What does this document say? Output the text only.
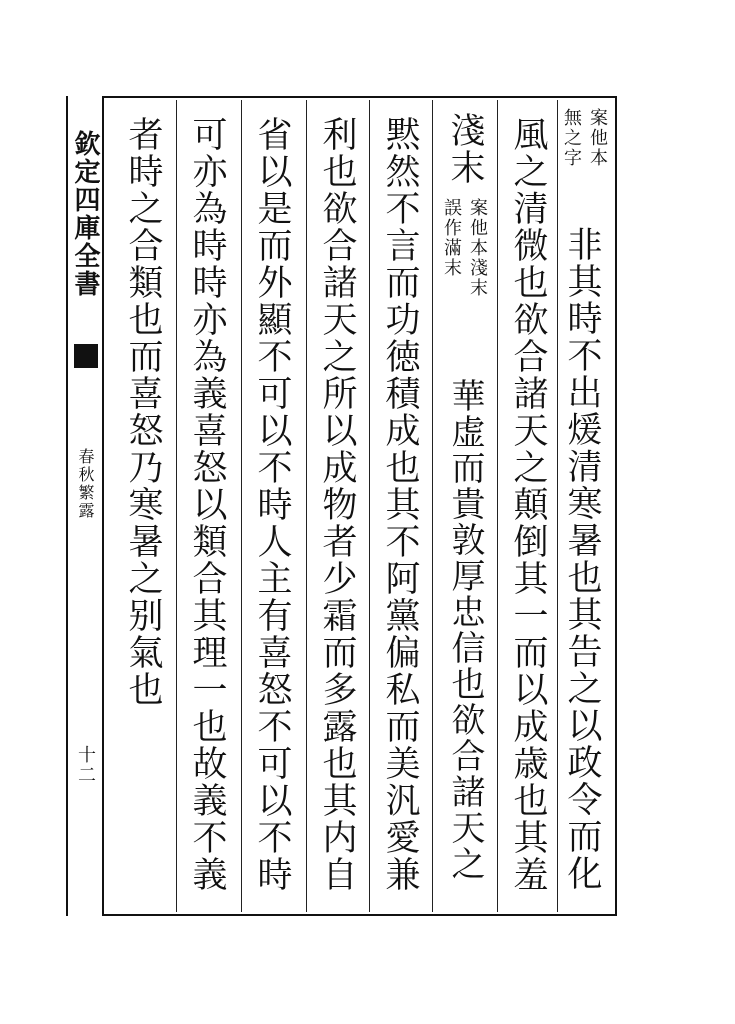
欽定四庫全書
春秋繁露
十二
案他本
無之字
非其時不出煖清寒暑也其告之以政令而化
風之清微也欲合諸天之顛倒其一而以成歳也其羞
淺末
案他本淺末
誤作滿末
華虚而貴敦厚忠信也欲合諸天之
黙然不言而功徳積成也其不阿黨偏私而美汎愛兼
利也欲合諸天之所以成物者少霜而多露也其内自
省以是而外顯不可以不時人主有喜怒不可以不時
可亦為時時亦為義喜怒以類合其理一也故義不義
者時之合類也而喜怒乃寒暑之别氣也
